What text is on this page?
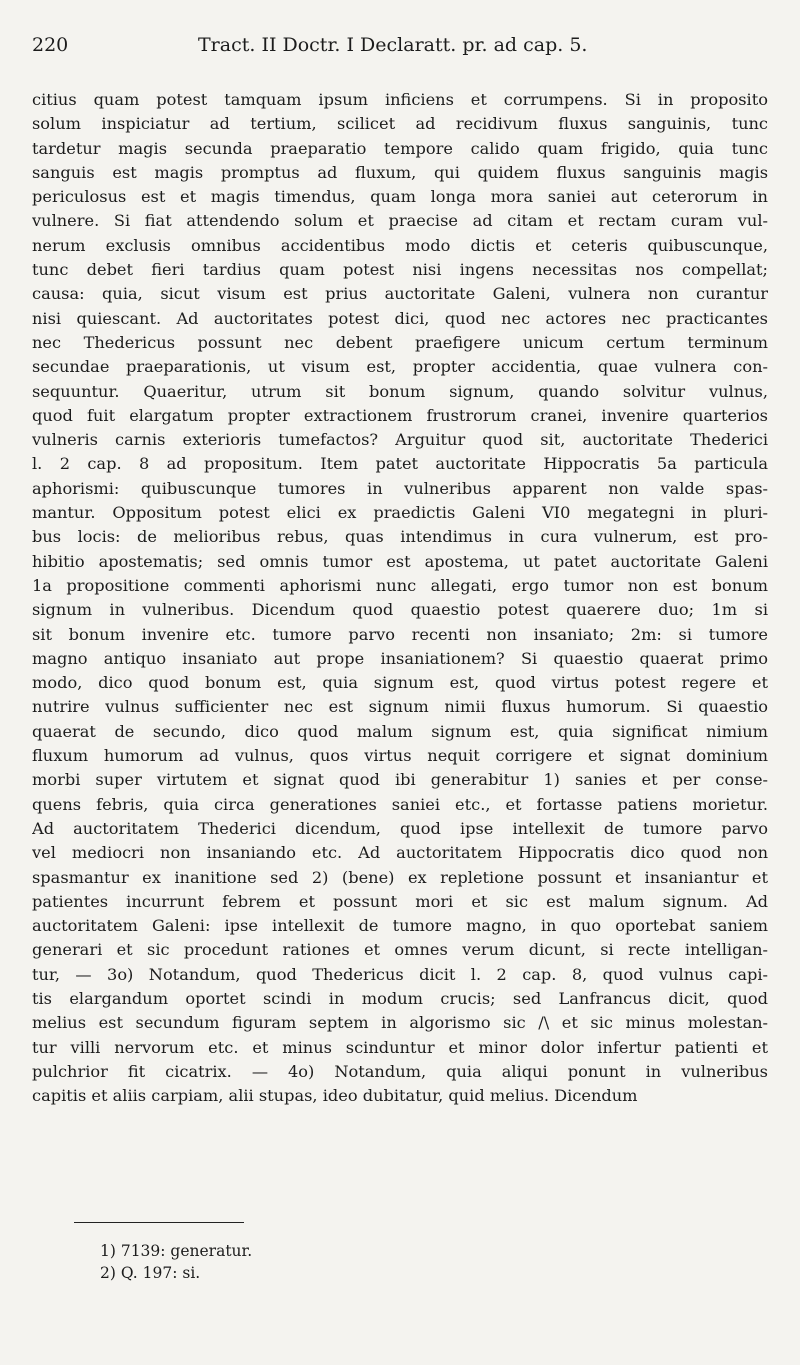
220	Tract. II Doctr. I Declaratt. pr. ad cap. 5.
citius quam potest tamquam ipsum inficiens et corrumpens. Si in proposito
solum inspiciatur ad tertium, scilicet ad recidivum fluxus sanguinis, tunc
tardetur magis secunda praeparatio tempore calido quam frigido, quia tunc
sanguis est magis promptus ad fluxum, qui quidem fluxus sanguinis magis
periculosus est et magis timendus, quam longa mora saniei aut ceterorum in
vulnere. Si fiat attendendo solum et praecise ad citam et rectam curam vul-
nerum exclusis omnibus accidentibus modo dictis et ceteris quibuscunque,
tunc debet fieri tardius quam potest nisi ingens necessitas nos compellat;
causa: quia, sicut visum est prius auctoritate Galeni, vulnera non curantur
nisi quiescant. Ad auctoritates potest dici, quod nec actores nec practicantes
nec Thedericus possunt nec debent praefigere unicum certum terminum
secundae praeparationis, ut visum est, propter accidentia, quae vulnera con-
sequuntur. Quaeritur, utrum sit bonum signum, quando solvitur vulnus,
quod fuit elargatum propter extractionem frustrorum cranei, invenire quarterios
vulneris carnis exterioris tumefactos? Arguitur quod sit, auctoritate Thederici
l. 2 cap. 8 ad propositum. Item patet auctoritate Hippocratis 5a particula
aphorismi: quibuscunque tumores in vulneribus apparent non valde spas-
mantur. Oppositum potest elici ex praedictis Galeni VI0 megategni in pluri-
bus locis: de melioribus rebus, quas intendimus in cura vulnerum, est pro-
hibitio apostematis; sed omnis tumor est apostema, ut patet auctoritate Galeni
1a propositione commenti aphorismi nunc allegati, ergo tumor non est bonum
signum in vulneribus. Dicendum quod quaestio potest quaerere duo; 1m si
sit bonum invenire etc. tumore parvo recenti non insaniato; 2m: si tumore
magno antiquo insaniato aut prope insaniationem? Si quaestio quaerat primo
modo, dico quod bonum est, quia signum est, quod virtus potest regere et
nutrire vulnus sufficienter nec est signum nimii fluxus humorum. Si quaestio
quaerat de secundo, dico quod malum signum est, quia significat nimium
fluxum humorum ad vulnus, quos virtus nequit corrigere et signat dominium
morbi super virtutem et signat quod ibi generabitur 1) sanies et per conse-
quens febris, quia circa generationes saniei etc., et fortasse patiens morietur.
Ad auctoritatem Thederici dicendum, quod ipse intellexit de tumore parvo
vel mediocri non insaniando etc. Ad auctoritatem Hippocratis dico quod non
spasmantur ex inanitione sed 2) (bene) ex repletione possunt et insaniantur et
patientes incurrunt febrem et possunt mori et sic est malum signum. Ad
auctoritatem Galeni: ipse intellexit de tumore magno, in quo oportebat saniem
generari et sic procedunt rationes et omnes verum dicunt, si recte intelligan-
tur, — 3o) Notandum, quod Thedericus dicit l. 2 cap. 8, quod vulnus capi-
tis elargandum oportet scindi in modum crucis; sed Lanfrancus dicit, quod
melius est secundum figuram septem in algorismo sic /\ et sic minus molestan-
tur villi nervorum etc. et minus scinduntur et minor dolor infertur patienti et
pulchrior fit cicatrix. — 4o) Notandum, quia aliqui ponunt in vulneribus
capitis et aliis carpiam, alii stupas, ideo dubitatur, quid melius. Dicendum
1) 7139: generatur.
2) Q. 197: si.
